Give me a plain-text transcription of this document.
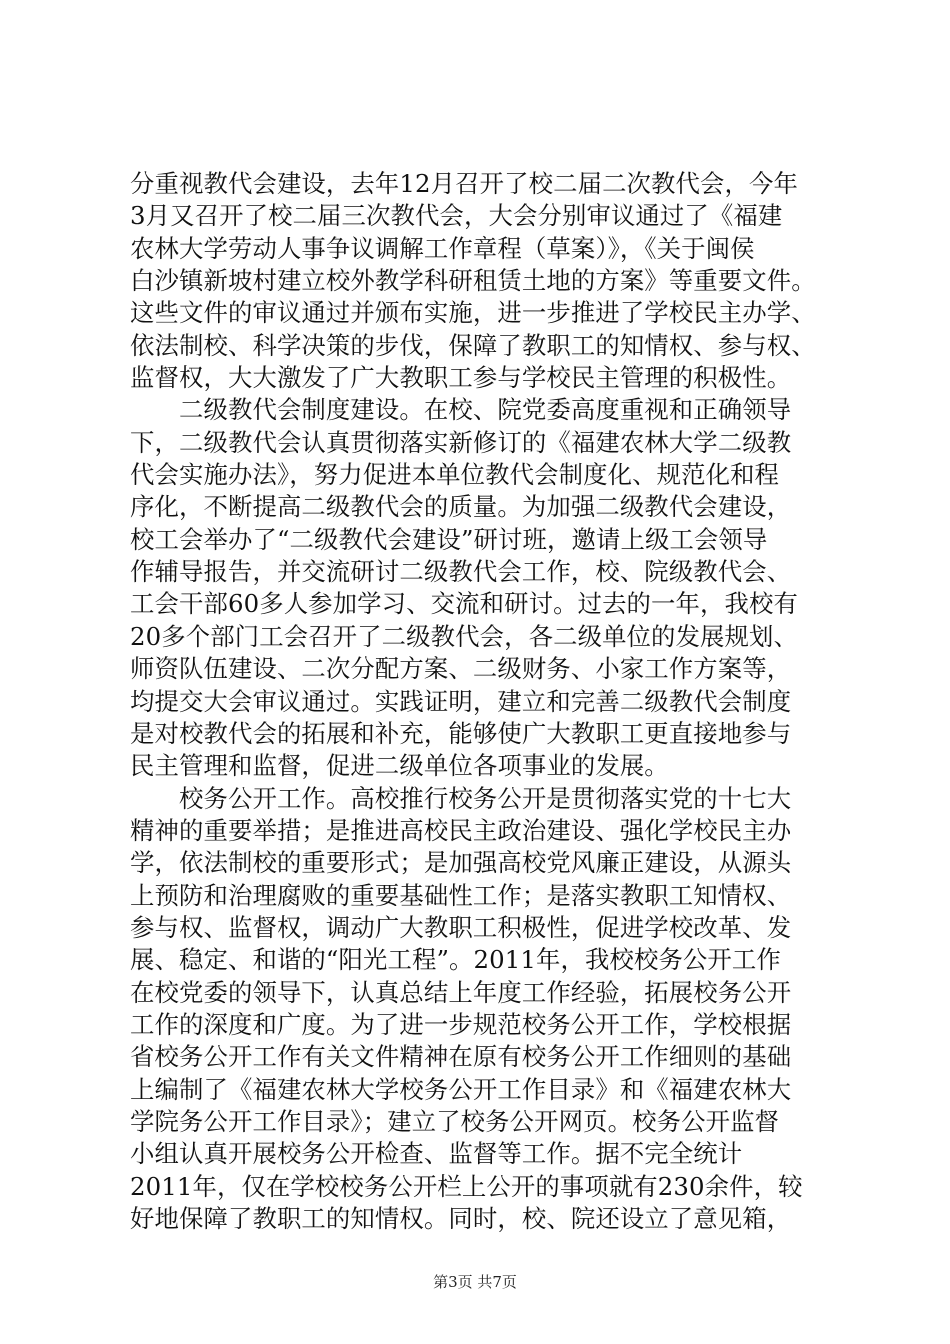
分重视教代会建设，去年12月召开了校二届二次教代会，今年
3月又召开了校二届三次教代会，大会分别审议通过了《福建
农林大学劳动人事争议调解工作章程（草案）》，《关于闽侯
白沙镇新坡村建立校外教学科研租赁土地的方案》等重要文件。
这些文件的审议通过并颁布实施，进一步推进了学校民主办学、
依法制校、科学决策的步伐，保障了教职工的知情权、参与权、
监督权，大大激发了广大教职工参与学校民主管理的积极性。
　　二级教代会制度建设。在校、院党委高度重视和正确领导
下，二级教代会认真贯彻落实新修订的《福建农林大学二级教
代会实施办法》，努力促进本单位教代会制度化、规范化和程
序化，不断提高二级教代会的质量。为加强二级教代会建设，
校工会举办了“二级教代会建设”研讨班，邀请上级工会领导
作辅导报告，并交流研讨二级教代会工作，校、院级教代会、
工会干部60多人参加学习、交流和研讨。过去的一年，我校有
20多个部门工会召开了二级教代会，各二级单位的发展规划、
师资队伍建设、二次分配方案、二级财务、小家工作方案等，
均提交大会审议通过。实践证明，建立和完善二级教代会制度
是对校教代会的拓展和补充，能够使广大教职工更直接地参与
民主管理和监督，促进二级单位各项事业的发展。
　　校务公开工作。高校推行校务公开是贯彻落实党的十七大
精神的重要举措；是推进高校民主政治建设、强化学校民主办
学，依法制校的重要形式；是加强高校党风廉正建设，从源头
上预防和治理腐败的重要基础性工作；是落实教职工知情权、
参与权、监督权，调动广大教职工积极性，促进学校改革、发
展、稳定、和谐的“阳光工程”。2011年，我校校务公开工作
在校党委的领导下，认真总结上年度工作经验，拓展校务公开
工作的深度和广度。为了进一步规范校务公开工作，学校根据
省校务公开工作有关文件精神在原有校务公开工作细则的基础
上编制了《福建农林大学校务公开工作目录》和《福建农林大
学院务公开工作目录》；建立了校务公开网页。校务公开监督
小组认真开展校务公开检查、监督等工作。据不完全统计
2011年，仅在学校校务公开栏上公开的事项就有230余件，较
好地保障了教职工的知情权。同时，校、院还设立了意见箱，
第3页 共7页
